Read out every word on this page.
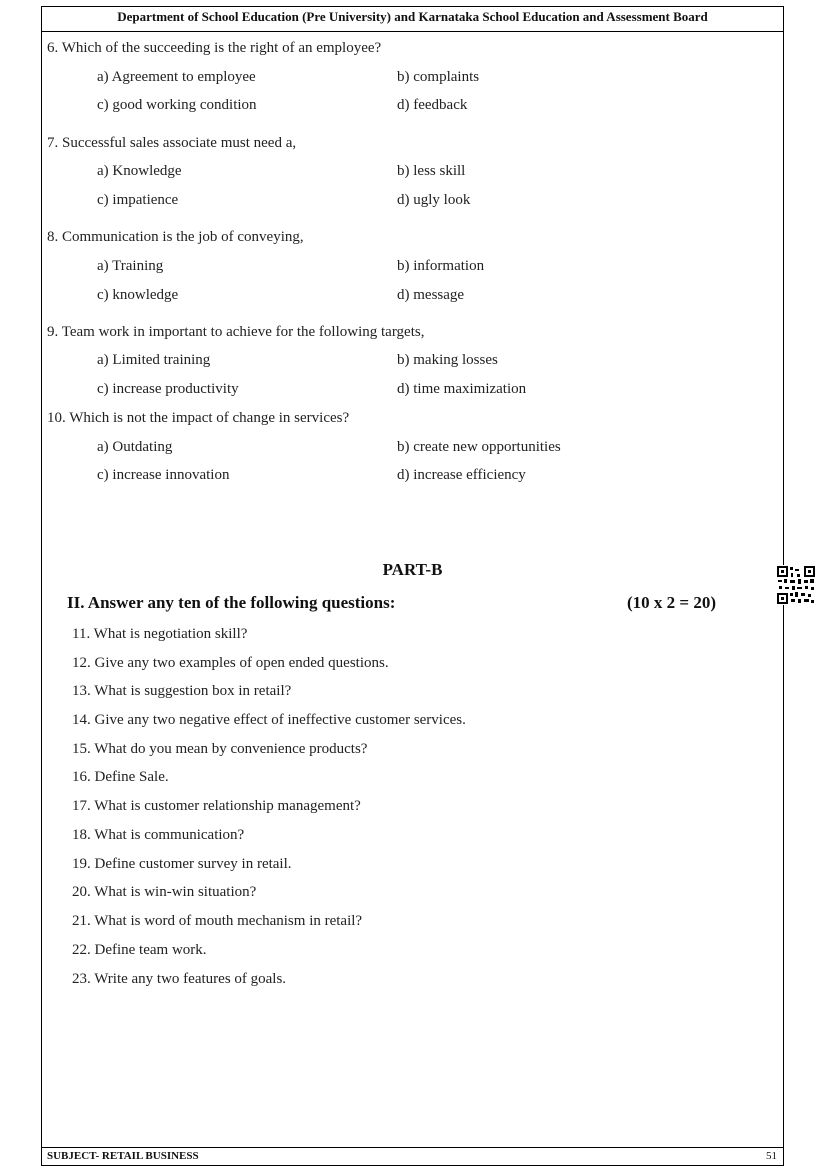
Department of School Education (Pre University) and Karnataka School Education and Assessment Board
6. Which of the succeeding is the right of an employee?
a) Agreement to employee	b) complaints
c) good working condition	d) feedback
7. Successful sales associate must need a,
a) Knowledge	b) less skill
c) impatience	d) ugly look
8. Communication is the job of conveying,
a) Training	b) information
c) knowledge	d) message
9. Team work in important to achieve for the following targets,
a) Limited training	b) making losses
c) increase productivity	d) time maximization
10. Which is not the impact of change in services?
a) Outdating	b) create new opportunities
c) increase innovation	d) increase efficiency
PART-B
II. Answer any ten of the following questions:	(10 x 2 = 20)
11. What is negotiation skill?
12. Give any two examples of open ended questions.
13. What is suggestion box in retail?
14. Give any two negative effect of ineffective customer services.
15. What do you mean by convenience products?
16. Define Sale.
17. What is customer relationship management?
18. What is communication?
19. Define customer survey in retail.
20. What is win-win situation?
21. What is word of mouth mechanism in retail?
22. Define team work.
23. Write any two features of goals.
SUBJECT- RETAIL BUSINESS	51
